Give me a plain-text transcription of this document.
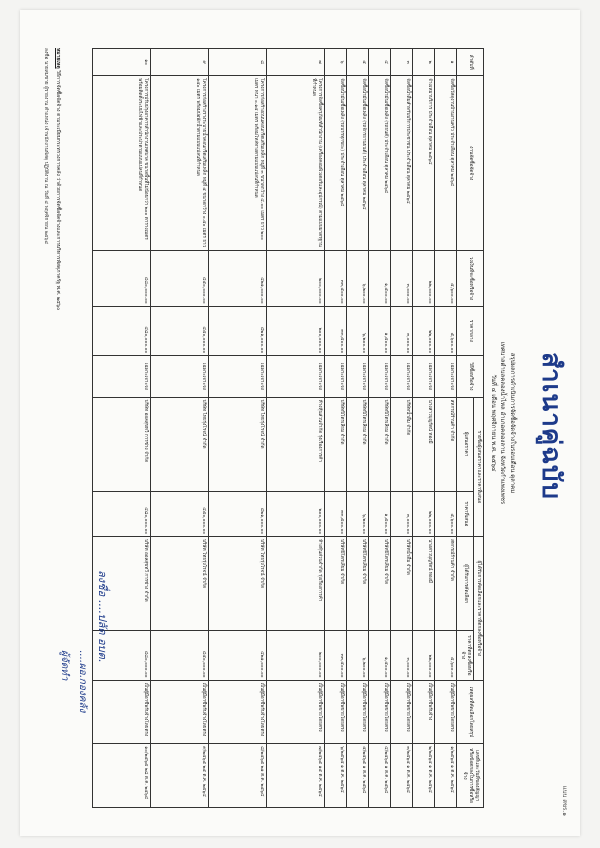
สำเนาคู่ฉบับ
แบบ สขร.๑
สรุปผลการดำเนินการจัดซื้อจัดจ้างในรอบเดือน ตุลาคม
เทศบาลตำบลคลองน้ำไหล อำเภอคลองลาน จังหวัดกำแพงเพชร
วันที่ ๔ เดือน พฤศจิกายน พ.ศ. ๒๕๖๔
ลำดับที่	งานจัดซื้อจัดจ้าง	วงเงินที่จะซื้อหรือจ้าง	ราคากลาง	วิธีซื้อหรือจ้าง	รายชื่อผู้เสนอราคาและราคาที่เสนอ		ผู้ได้รับการคัดเลือกและราคาที่ตกลงซื้อหรือจ้าง		เหตุผลที่คัดเลือกโดยสรุป	เลขที่และวันที่ของสัญญาหรือข้อตกลงในการซื้อหรือจ้าง
					ผู้เสนอราคา	ราคาที่เสนอ	ผู้ได้รับการคัดเลือก	ราคาที่ตกลงซื้อหรือจ้าง		
๑	จัดซื้อวัสดุงานบ้านงานครัว ประจำเดือน ตุลาคม ๒๕๖๔	๕,๖๐๐.๐๐	๕,๖๐๐.๐๐	เฉพาะเจาะจง	สหกรณ์ร้านค้า จำกัด	๕,๖๐๐.๐๐	สหกรณ์ร้านค้า จำกัด	๕,๖๐๐.๐๐	เป็นผู้มีอาชีพขายโดยตรง	๑/๒๕๖๕ ๑ ต.ค. ๒๕๖๔
๒	จ้างเหมาบริการ ประจำเดือน ตุลาคม ๒๕๖๔	๒๒,๐๐๐.๐๐	๒๒,๐๐๐.๐๐	เฉพาะเจาะจง	นางสาวบุญรัตน์ ทองมี	๒๒,๐๐๐.๐๐	นางสาวบุญรัตน์ ทองมี	๒๒,๐๐๐.๐๐	เป็นผู้มีอาชีพรับจ้าง	๒/๒๕๖๕ ๑ ต.ค. ๒๕๖๔
๓	จัดซื้อน้ำดื่มสำหรับบริการประชาชน ประจำเดือน ตุลาคม ๒๕๖๔	๓,๐๐๐.๐๐	๓,๐๐๐.๐๐	เฉพาะเจาะจง	บริษัทน้ำดื่ม จำกัด	๓,๐๐๐.๐๐	บริษัทน้ำดื่ม จำกัด	๓,๐๐๐.๐๐	เป็นผู้มีอาชีพขายโดยตรง	๓/๒๕๖๕ ๑ ต.ค. ๒๕๖๔
๔	จัดซื้อน้ำมันเชื้อเพลิง (รถยนต์) ประจำเดือน ตุลาคม ๒๕๖๔	๑,๕๐๐.๐๐	๑,๕๐๐.๐๐	เฉพาะเจาะจง	บริษัทปิโตรเลียม จำกัด	๑,๕๐๐.๐๐	บริษัทปิโตรเลียม จำกัด	๑,๕๐๐.๐๐	เป็นผู้มีอาชีพขายโดยตรง	๔/๒๕๖๕ ๑ ต.ค. ๒๕๖๔
๕	จัดซื้อน้ำมันเชื้อเพลิง (รถจักรยานยนต์) ประจำเดือน ตุลาคม ๒๕๖๔	๖,๒๐๐.๐๐	๖,๒๐๐.๐๐	เฉพาะเจาะจง	บริษัทปิโตรเลียม จำกัด	๖,๒๐๐.๐๐	บริษัทปิโตรเลียม จำกัด	๖,๒๐๐.๐๐	เป็นผู้มีอาชีพขายโดยตรง	๕/๒๕๖๕ ๑ ต.ค. ๒๕๖๔
๖	จัดซื้อน้ำมันเชื้อเพลิง (รถบรรทุกขยะ) ประจำเดือน ตุลาคม ๒๕๖๔	๓๓,๕๐๐.๐๐	๓๓,๕๐๐.๐๐	เฉพาะเจาะจง	บริษัทปิโตรเลียม จำกัด	๓๓,๕๐๐.๐๐	บริษัทปิโตรเลียม จำกัด	๓๓,๕๐๐.๐๐	เป็นผู้มีอาชีพขายโดยตรง	๖/๒๕๖๕ ๑ ต.ค. ๒๕๖๔
๗	โครงการจัดซื้อครุภัณฑ์สำนักงาน (เครื่องคอมพิวเตอร์และอุปกรณ์) ตามแบบมาตรฐานที่กำหนด	๒๐๐,๐๐๐.๐๐	๒๐๐,๐๐๐.๐๐	เฉพาะเจาะจง	ห้างหุ้นส่วนจำกัด รุ่งเรืองการค้า	๒๐๐,๐๐๐.๐๐	ห้างหุ้นส่วนจำกัด รุ่งเรืองการค้า	๒๐๐,๐๐๐.๐๐	เป็นผู้มีอาชีพขายโดยตรง	๗/๒๕๖๕ ๑๕ ต.ค. ๒๕๖๔
๘	โครงการก่อสร้างถนนคอนกรีตเสริมเหล็ก หมู่ที่ ๓ ขนาดกว้าง ๔.๐๐ เมตร ยาว ๒๐๐ เมตร หนา ๐.๑๕ เมตร พร้อมไหล่ทางตามแบบแปลนที่กำหนด	๔๒๑,๐๐๐.๐๐	๔๒๑,๐๐๐.๐๐	เฉพาะเจาะจง	บริษัท ไทยรุ่งโรจน์ จำกัด	๔๒๑,๐๐๐.๐๐	บริษัท ไทยรุ่งโรจน์ จำกัด	๔๒๑,๐๐๐.๐๐	เป็นผู้มีอาชีพรับจ้างโดยตรง	๘/๒๕๖๕ ๒๑ ต.ค. ๒๕๖๔
๙	โครงการก่อสร้างรางระบายน้ำคอนกรีตเสริมเหล็ก หมู่ที่ ๕ ขนาดกว้าง ๐.๕๐ เมตร ยาว ๑๕๐ เมตร พร้อมบ่อพักน้ำตามแบบแปลนที่กำหนด	๔๕๐,๐๐๐.๐๐	๔๕๐,๐๐๐.๐๐	เฉพาะเจาะจง	บริษัท ไทยรุ่งโรจน์ จำกัด	๔๕๐,๐๐๐.๐๐	บริษัท ไทยรุ่งโรจน์ จำกัด	๔๕๐,๐๐๐.๐๐	เป็นผู้มีอาชีพรับจ้างโดยตรง	๙/๒๕๖๕ ๒๕ ต.ค. ๒๕๖๔
๑๐	โครงการปรับปรุงอาคารสำนักงานเทศบาล ขนาดพื้นที่ไม่น้อยกว่า ๒๐๐ ตารางเมตร พร้อมติดตั้งระบบไฟฟ้าและประปาตามแบบแปลนที่กำหนด	๔๘๐,๐๐๐.๐๐	๔๘๐,๐๐๐.๐๐	เฉพาะเจาะจง	บริษัท ออลสุขทวี การช่าง จำกัด	๔๘๐,๐๐๐.๐๐	บริษัท ออลสุขทวี การช่าง จำกัด	๔๘๐,๐๐๐.๐๐	เป็นผู้มีอาชีพรับจ้างโดยตรง	๑๐/๒๕๖๕ ๒๘ ต.ค. ๒๕๖๔
หมายเหตุ วิธีการจัดซื้อจัดจ้าง ตามระเบียบกระทรวงการคลัง ว่าด้วยการจัดซื้อจัดจ้างและการบริหารพัสดุภาครัฐ พ.ศ. ๒๕๖๐
ลงชื่อ นายสมชาย ผู้รายงาน ตำแหน่ง เจ้าพนักงานพัสดุ ปฏิบัติงาน ณ วันที่ ๔ พฤศจิกายน ๒๕๖๔
ลงชื่อ ....ปลัด อบต.
....ผอ.กองคลัง
ผู้จัดทำ
